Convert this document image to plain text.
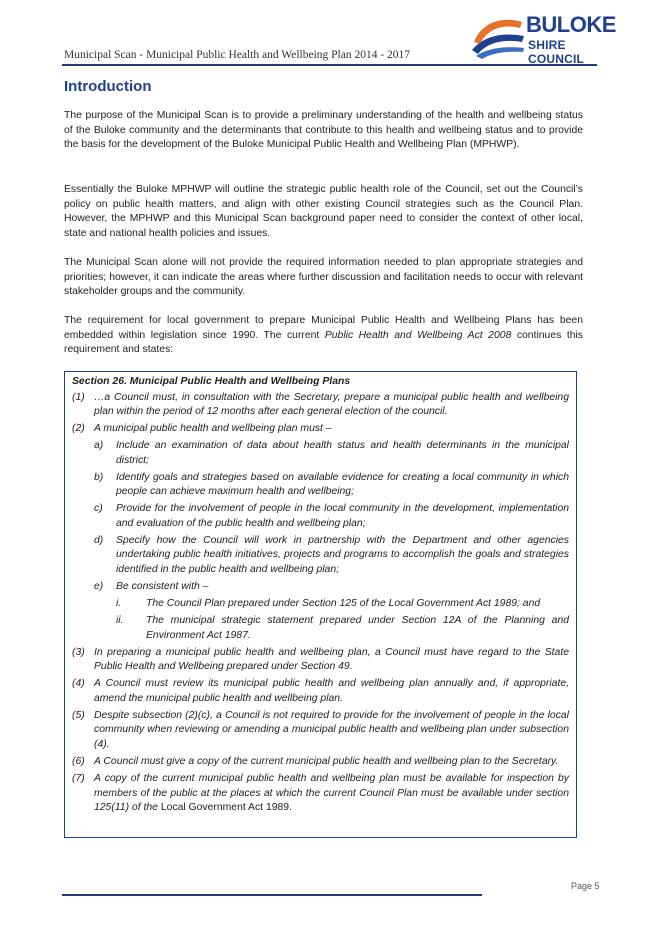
Municipal Scan - Municipal Public Health and Wellbeing Plan 2014 - 2017
BULOKE
SHIRE COUNCIL
Introduction

The purpose of the Municipal Scan is to provide a preliminary understanding of the health and wellbeing status of the Buloke community and the determinants that contribute to this health and wellbeing status and to provide the basis for the development of the Buloke Municipal Public Health and Wellbeing Plan (MPHWP).

Essentially the Buloke MPHWP will outline the strategic public health role of the Council, set out the Council’s policy on public health matters, and align with other existing Council strategies such as the Council Plan. However, the MPHWP and this Municipal Scan background paper need to consider the context of other local, state and national health policies and issues.

The Municipal Scan alone will not provide the required information needed to plan appropriate strategies and priorities; however, it can indicate the areas where further discussion and facilitation needs to occur with relevant stakeholder groups and the community.

The requirement for local government to prepare Municipal Public Health and Wellbeing Plans has been embedded within legislation since 1990. The current Public Health and Wellbeing Act 2008 continues this requirement and states:

Section 26. Municipal Public Health and Wellbeing Plans
(1) …a Council must, in consultation with the Secretary, prepare a municipal public health and wellbeing plan within the period of 12 months after each general election of the council.
(2) A municipal public health and wellbeing plan must –
a)	Include an examination of data about health status and health determinants in the municipal district;
b)	Identify goals and strategies based on available evidence for creating a local community in which people can achieve maximum health and wellbeing;
c)	Provide for the involvement of people in the local community in the development, implementation and evaluation of the public health and wellbeing plan;
d)	Specify how the Council will work in partnership with the Department and other agencies undertaking public health initiatives, projects and programs to accomplish the goals and strategies identified in the public health and wellbeing plan;
e)	Be consistent with –
i.	The Council Plan prepared under Section 125 of the Local Government Act 1989; and
ii.	The municipal strategic statement prepared under Section 12A of the Planning and Environment Act 1987.
(3) In preparing a municipal public health and wellbeing plan, a Council must have regard to the State Public Health and Wellbeing prepared under Section 49.
(4) A Council must review its municipal public health and wellbeing plan annually and, if appropriate, amend the municipal public health and wellbeing plan.
(5) Despite subsection (2)(c), a Council is not required to provide for the involvement of people in the local community when reviewing or amending a municipal public health and wellbeing plan under subsection (4).
(6) A Council must give a copy of the current municipal public health and wellbeing plan to the Secretary.
(7) A copy of the current municipal public health and wellbeing plan must be available for inspection by members of the public at the places at which the current Council Plan must be available under section 125(11) of the Local Government Act 1989.
Page 5
